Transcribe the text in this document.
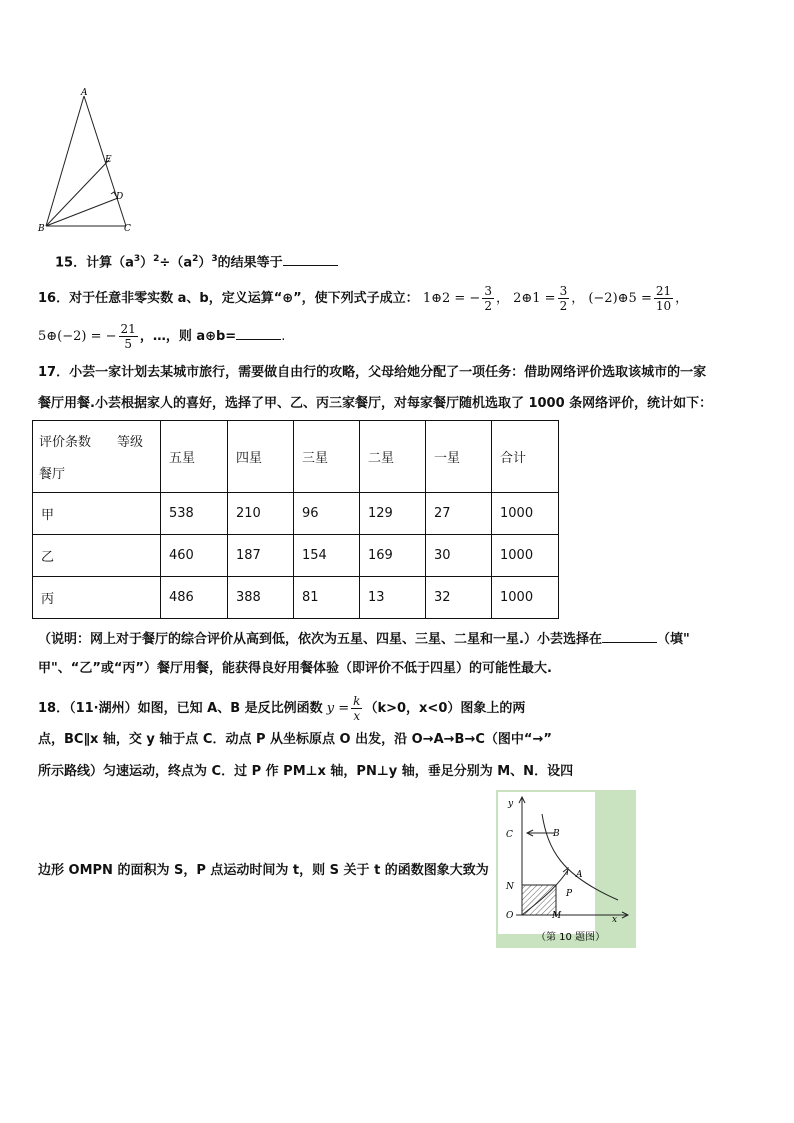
A
E
D
B	C
15．计算$(a^3)^2\div(a^2)^3$的结果等于
16．对于任意非零实数 a、b，定义运算“⊕”，使下列式子成立： 1⊕2 = − $\frac{3}{2}$ ， 2⊕1 = $\frac{3}{2}$ ， (−2)⊕5 = $\frac{21}{10}$ ，
5⊕(−2) = − $\frac{21}{5}$ ，…，则 a⊕b=	.
17．小芸一家计划去某城市旅行，需要做自由行的攻略，父母给她分配了一项任务：借助网络评价选取该城市的一家
餐厅用餐.小芸根据家人的喜好，选择了甲、乙、丙三家餐厅，对每家餐厅随机选取了 1000 条网络评价，统计如下：
评价条数　　等级
餐厅	五星	四星	三星	二星	一星	合计
甲	538	210	96	129	27	1000
乙	460	187	154	169	30	1000
丙	486	388	81	13	32	1000
（说明：网上对于餐厅的综合评价从高到低，依次为五星、四星、三星、二星和一星.）小芸选择在	（填"
甲"、“乙”或“丙”）餐厅用餐，能获得良好用餐体验（即评价不低于四星）的可能性最大.
18．（11·湖州）如图，已知 A、B 是反比例函数 $y = \frac{k}{x} (k>0$，x<0）图象上的两
点，BC∥x 轴，交 y 轴于点 C．动点 P 从坐标原点 O 出发，沿 O→A→B→C（图中“→”
所示路线）匀速运动，终点为 C．过 P 作 PM⊥x 轴，PN⊥y 轴，垂足分别为 M、N．设四
边形 OMPN 的面积为 S，P 点运动时间为 t，则 S 关于 t 的函数图象大致为
y
C	B
A
N
P
O	M	x
（第 10 题图）
